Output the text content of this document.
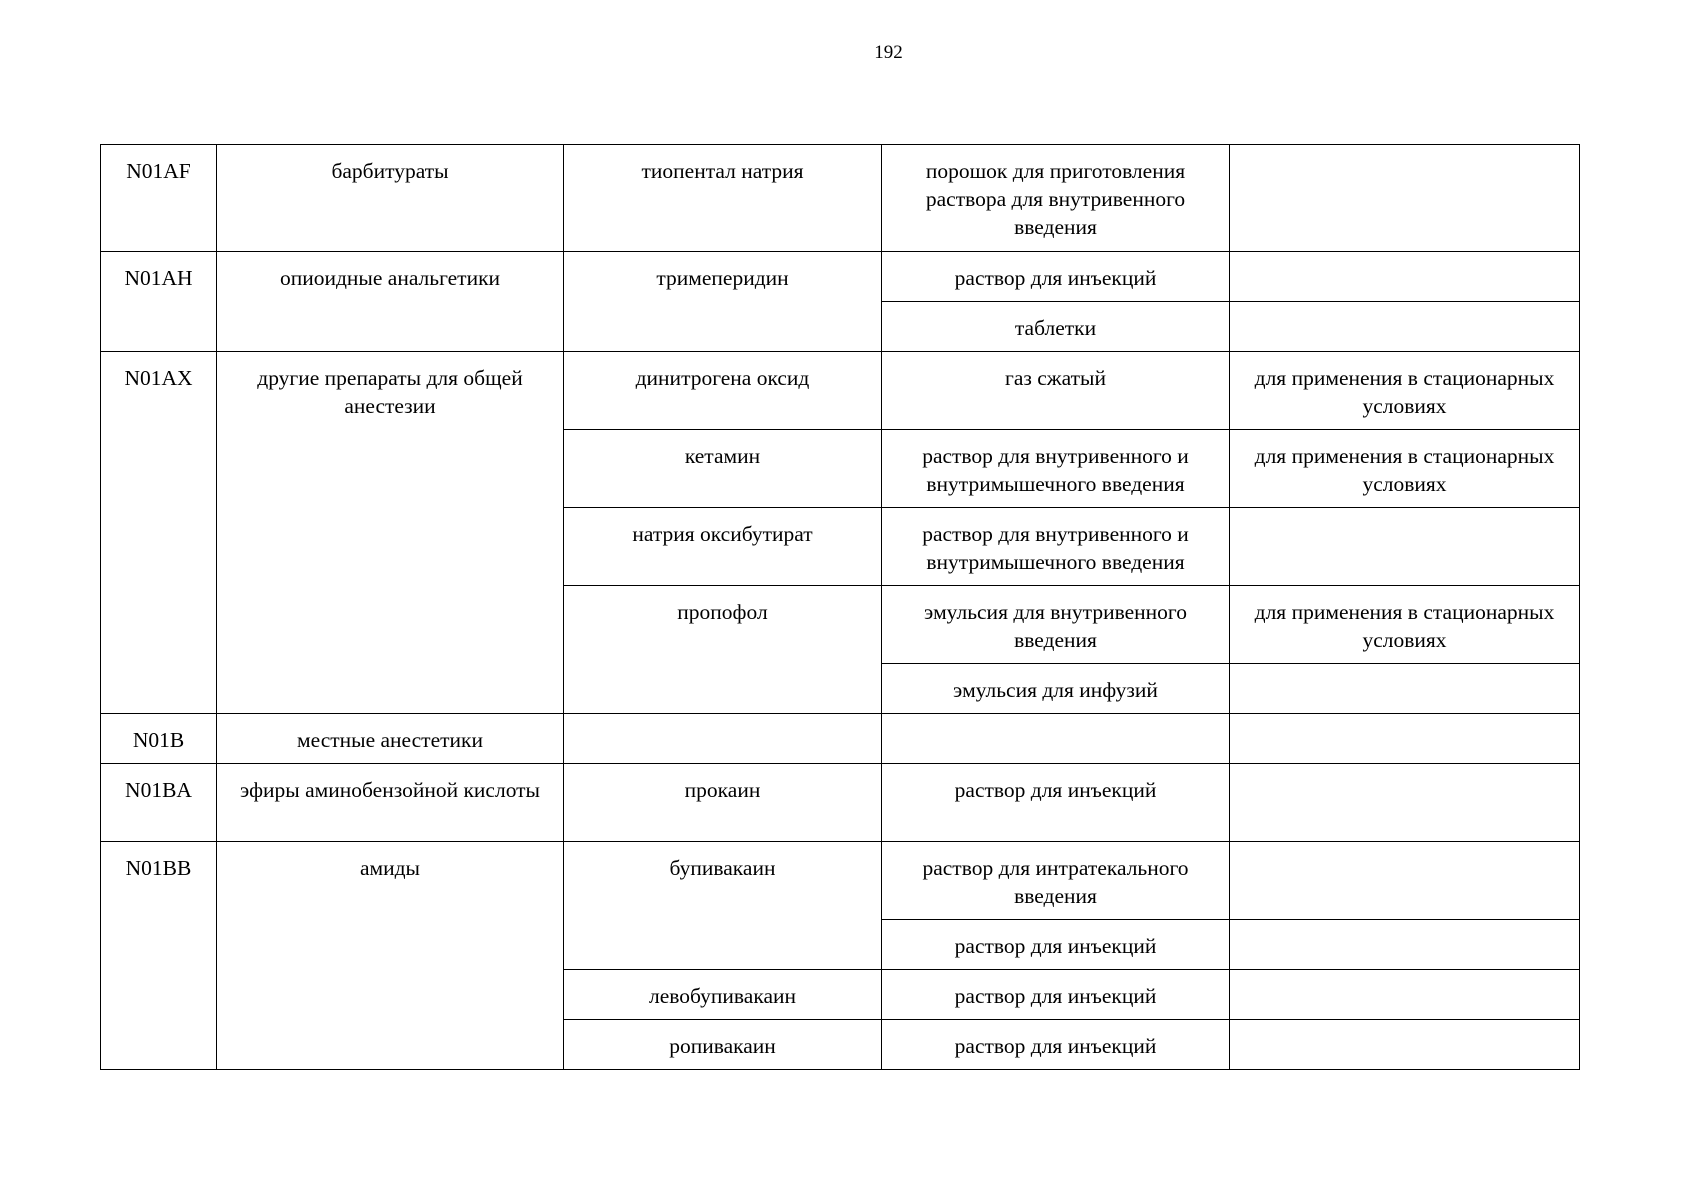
192
N01AF	барбитураты	тиопентал натрия	порошок для приготовления раствора для внутривенного введения	

N01AH	опиоидные анальгетики	тримеперидин	раствор для инъекций	
			таблетки	
N01AX	другие препараты для общей анестезии	динитрогена оксид	газ сжатый	для применения в стационарных условиях
		кетамин	раствор для внутривенного и внутримышечного введения	для применения в стационарных условиях
		натрия оксибутират	раствор для внутривенного и внутримышечного введения	
		пропофол	эмульсия для внутривенного введения	для применения в стационарных условиях
			эмульсия для инфузий	
N01B	местные анестетики			
N01BA	эфиры аминобензойной кислоты	прокаин	раствор для инъекций	
N01BB	амиды	бупивакаин	раствор для интратекального введения	
			раствор для инъекций	
		левобупивакаин	раствор для инъекций	
		ропивакаин	раствор для инъекций	
